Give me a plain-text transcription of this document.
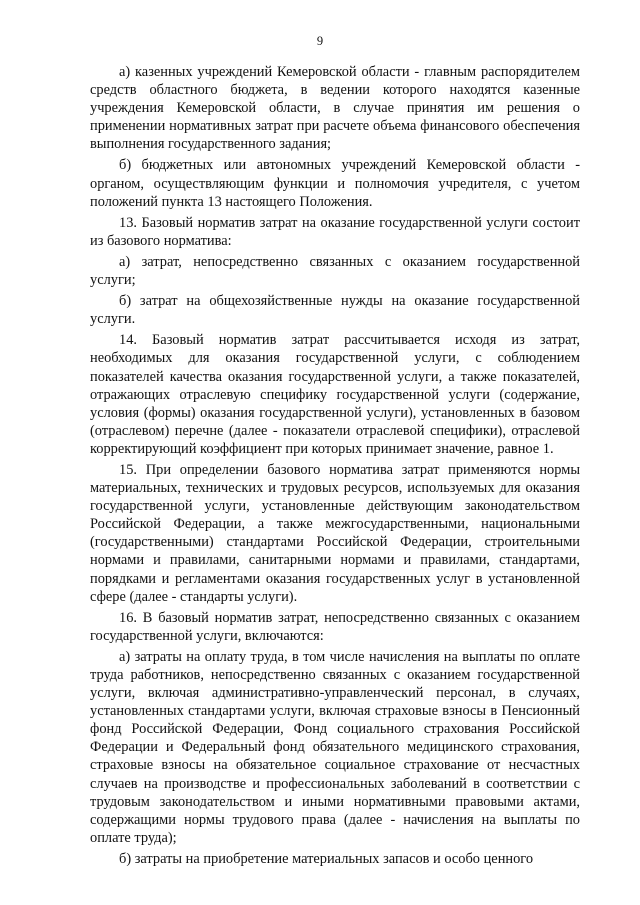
9

а) казенных учреждений Кемеровской области - главным распорядителем средств областного бюджета, в ведении которого находятся казенные учреждения Кемеровской области, в случае принятия им решения о применении нормативных затрат при расчете объема финансового обеспечения выполнения государственного задания;

б) бюджетных или автономных учреждений Кемеровской области - органом, осуществляющим функции и полномочия учредителя, с учетом положений пункта 13 настоящего Положения.

13. Базовый норматив затрат на оказание государственной услуги состоит из базового норматива:

а) затрат, непосредственно связанных с оказанием государственной услуги;

б) затрат на общехозяйственные нужды на оказание государственной услуги.

14. Базовый норматив затрат рассчитывается исходя из затрат, необходимых для оказания государственной услуги, с соблюдением показателей качества оказания государственной услуги, а также показателей, отражающих отраслевую специфику государственной услуги (содержание, условия (формы) оказания государственной услуги), установленных в базовом (отраслевом) перечне (далее - показатели отраслевой специфики), отраслевой корректирующий коэффициент при которых принимает значение, равное 1.

15. При определении базового норматива затрат применяются нормы материальных, технических и трудовых ресурсов, используемых для оказания государственной услуги, установленные действующим законодательством Российской Федерации, а также межгосударственными, национальными (государственными) стандартами Российской Федерации, строительными нормами и правилами, санитарными нормами и правилами, стандартами, порядками и регламентами оказания государственных услуг в установленной сфере (далее - стандарты услуги).

16. В базовый норматив затрат, непосредственно связанных с оказанием государственной услуги, включаются:

а) затраты на оплату труда, в том числе начисления на выплаты по оплате труда работников, непосредственно связанных с оказанием государственной услуги, включая административно-управленческий персонал, в случаях, установленных стандартами услуги, включая страховые взносы в Пенсионный фонд Российской Федерации, Фонд социального страхования Российской Федерации и Федеральный фонд обязательного медицинского страхования, страховые взносы на обязательное социальное страхование от несчастных случаев на производстве и профессиональных заболеваний в соответствии с трудовым законодательством и иными нормативными правовыми актами, содержащими нормы трудового права (далее - начисления на выплаты по оплате труда);

б) затраты на приобретение материальных запасов и особо ценного
